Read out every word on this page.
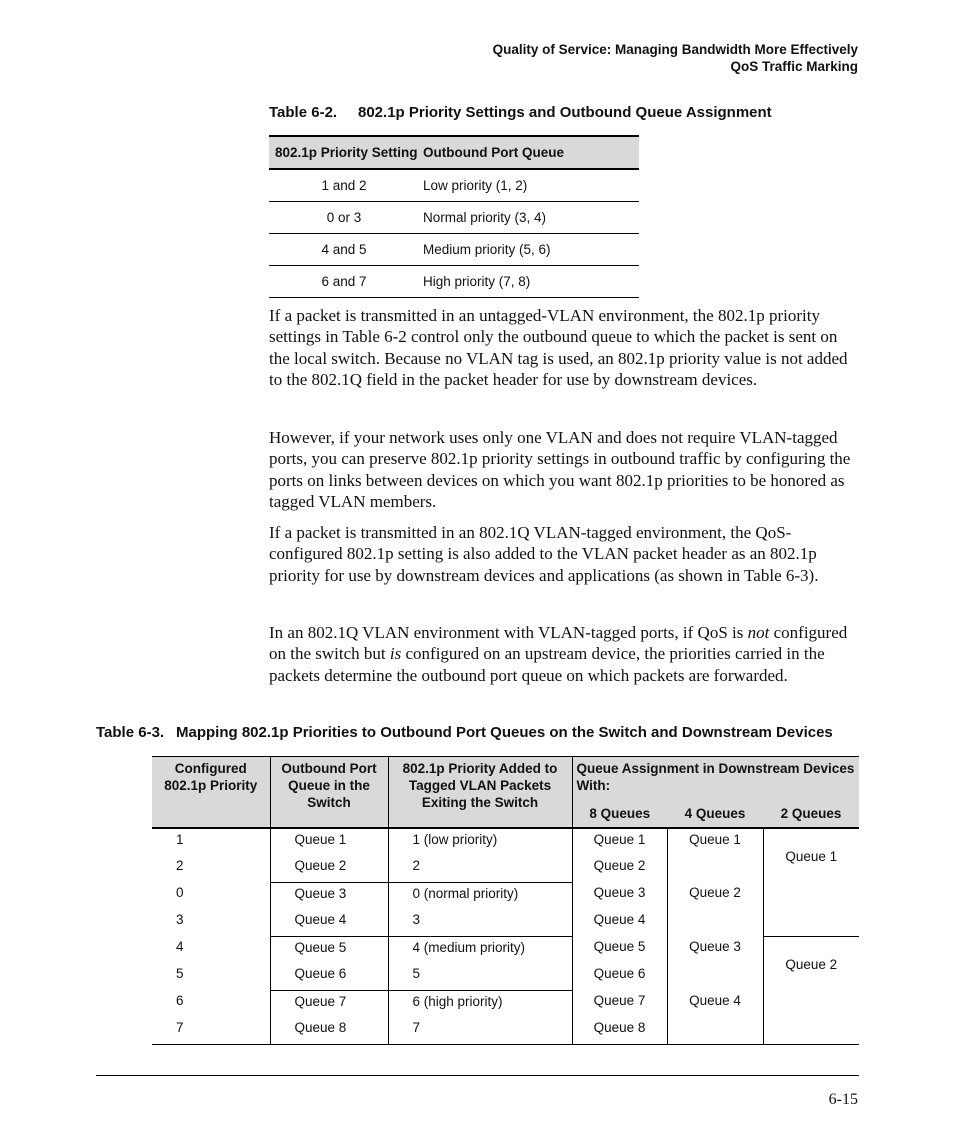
Quality of Service: Managing Bandwidth More Effectively
QoS Traffic Marking
Table 6-2. 802.1p Priority Settings and Outbound Queue Assignment
802.1p Priority Setting	Outbound Port Queue
1 and 2	Low priority (1, 2)
0 or 3	Normal priority (3, 4)
4 and 5	Medium priority (5, 6)
6 and 7	High priority (7, 8)

If a packet is transmitted in an untagged-VLAN environment, the 802.1p priority settings in Table 6-2 control only the outbound queue to which the packet is sent on the local switch. Because no VLAN tag is used, an 802.1p priority value is not added to the 802.1Q field in the packet header for use by downstream devices.

However, if your network uses only one VLAN and does not require VLAN-tagged ports, you can preserve 802.1p priority settings in outbound traffic by configuring the ports on links between devices on which you want 802.1p priorities to be honored as tagged VLAN members.

If a packet is transmitted in an 802.1Q VLAN-tagged environment, the QoS-configured 802.1p setting is also added to the VLAN packet header as an 802.1p priority for use by downstream devices and applications (as shown in Table 6-3).

In an 802.1Q VLAN environment with VLAN-tagged ports, if QoS is not configured on the switch but is configured on an upstream device, the priorities carried in the packets determine the outbound port queue on which packets are forwarded.

Table 6-3. Mapping 802.1p Priorities to Outbound Port Queues on the Switch and Downstream Devices
Configured 802.1p Priority	Outbound Port Queue in the Switch	802.1p Priority Added to Tagged VLAN Packets Exiting the Switch	Queue Assignment in Downstream Devices With:		
			8 Queues	4 Queues	2 Queues
1	Queue 1	1 (low priority)	Queue 1	Queue 1	Queue 1
2	Queue 2	2	Queue 2		
0	Queue 3	0 (normal priority)	Queue 3	Queue 2	
3	Queue 4	3	Queue 4		
4	Queue 5	4 (medium priority)	Queue 5	Queue 3	Queue 2
5	Queue 6	5	Queue 6		
6	Queue 7	6 (high priority)	Queue 7	Queue 4	
7	Queue 8	7	Queue 8		
6-15
